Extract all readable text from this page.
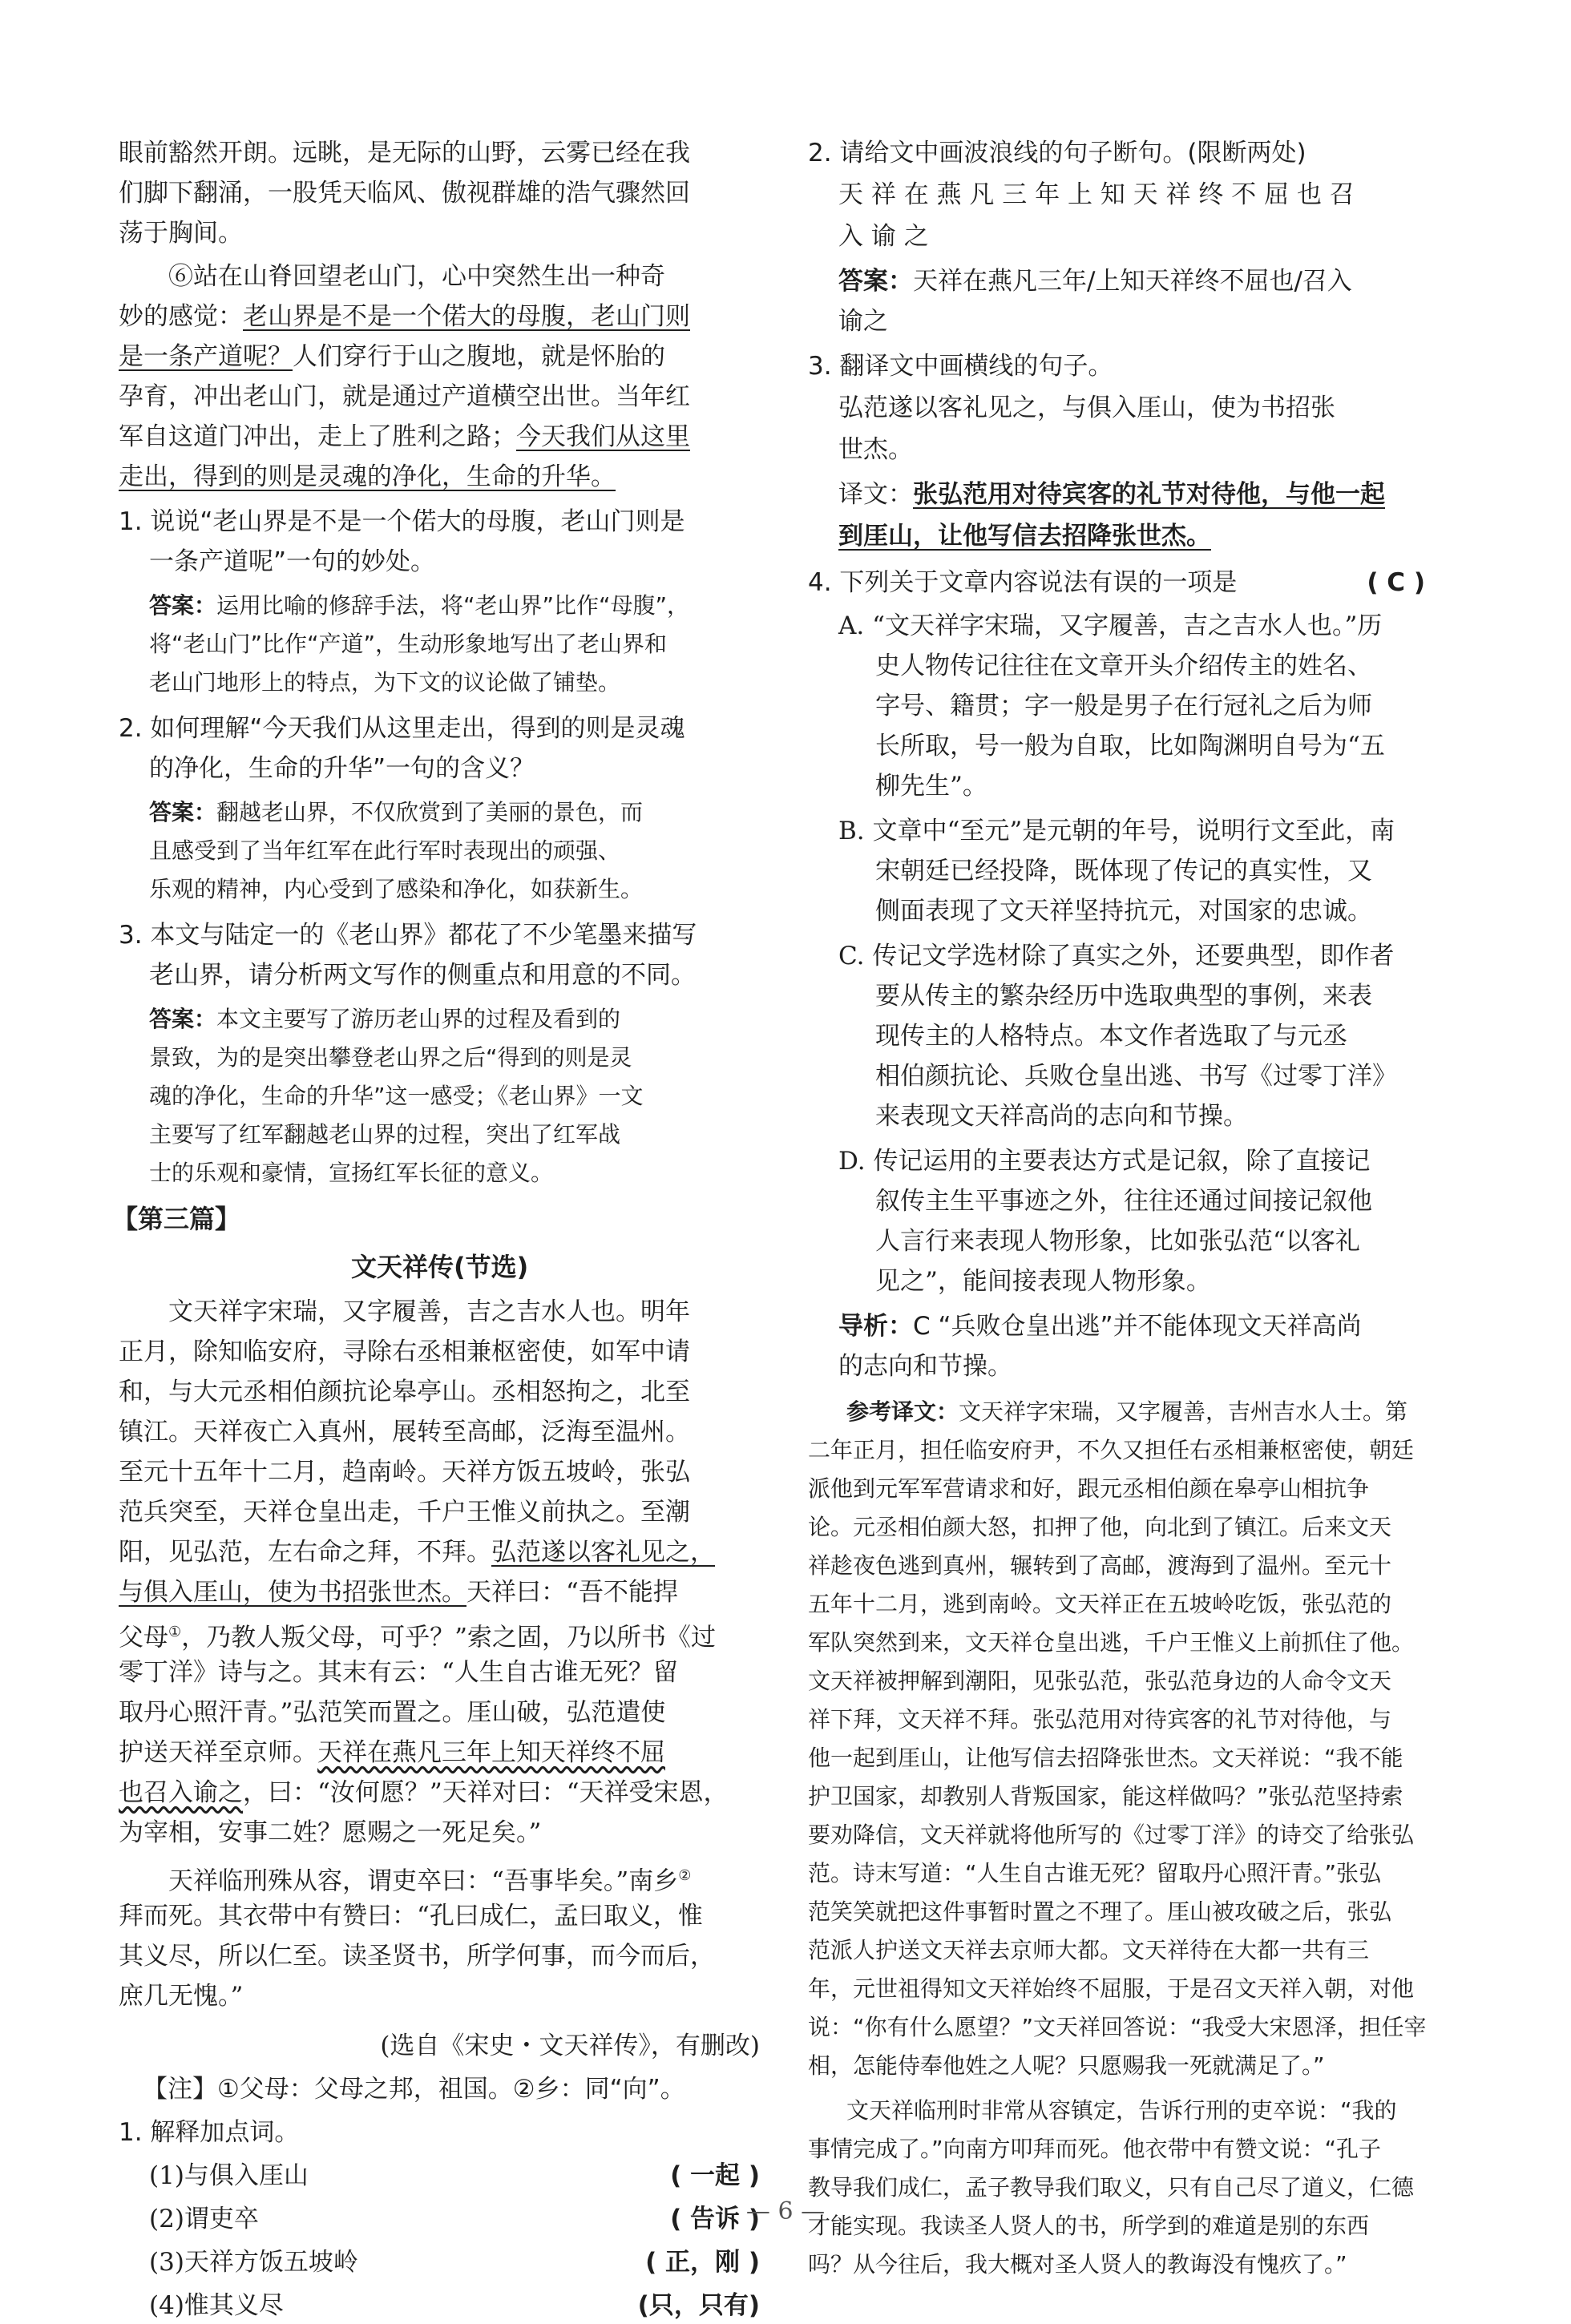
眼前豁然开朗。远眺，是无际的山野，云雾已经在我
们脚下翻涌，一股凭天临风、傲视群雄的浩气骤然回
荡于胸间。
⑥站在山脊回望老山门，心中突然生出一种奇
妙的感觉：老山界是不是一个偌大的母腹，老山门则
是一条产道呢？人们穿行于山之腹地，就是怀胎的
孕育，冲出老山门，就是通过产道横空出世。当年红
军自这道门冲出，走上了胜利之路；今天我们从这里
走出，得到的则是灵魂的净化，生命的升华。
1. 说说“老山界是不是一个偌大的母腹，老山门则是
一条产道呢”一句的妙处。
答案：运用比喻的修辞手法，将“老山界”比作“母腹”，
将“老山门”比作“产道”，生动形象地写出了老山界和
老山门地形上的特点，为下文的议论做了铺垫。
2. 如何理解“今天我们从这里走出，得到的则是灵魂
的净化，生命的升华”一句的含义？
答案：翻越老山界，不仅欣赏到了美丽的景色，而
且感受到了当年红军在此行军时表现出的顽强、
乐观的精神，内心受到了感染和净化，如获新生。
3. 本文与陆定一的《老山界》都花了不少笔墨来描写
老山界，请分析两文写作的侧重点和用意的不同。
答案：本文主要写了游历老山界的过程及看到的
景致，为的是突出攀登老山界之后“得到的则是灵
魂的净化，生命的升华”这一感受；《老山界》一文
主要写了红军翻越老山界的过程，突出了红军战
士的乐观和豪情，宣扬红军长征的意义。
【第三篇】
文天祥传(节选)
文天祥字宋瑞，又字履善，吉之吉水人也。明年
正月，除知临安府，寻除右丞相兼枢密使，如军中请
和，与大元丞相伯颜抗论皋亭山。丞相怒拘之，北至
镇江。天祥夜亡入真州，展转至高邮，泛海至温州。
至元十五年十二月，趋南岭。天祥方饭五坡岭，张弘
范兵突至，天祥仓皇出走，千户王惟义前执之。至潮
阳，见弘范，左右命之拜，不拜。弘范遂以客礼见之，
与俱入厓山，使为书招张世杰。天祥曰：“吾不能捍
父母①，乃教人叛父母，可乎？”索之固，乃以所书《过
零丁洋》诗与之。其末有云：“人生自古谁无死？留
取丹心照汗青。”弘范笑而置之。厓山破，弘范遣使
护送天祥至京师。天祥在燕凡三年上知天祥终不屈
也召入谕之，曰：“汝何愿？”天祥对曰：“天祥受宋恩，
为宰相，安事二姓？愿赐之一死足矣。”
天祥临刑殊从容，谓吏卒曰：“吾事毕矣。”南乡②
拜而死。其衣带中有赞曰：“孔曰成仁，孟曰取义，惟
其义尽，所以仁至。读圣贤书，所学何事，而今而后，
庶几无愧。”
(选自《宋史・文天祥传》，有删改)
【注】①父母：父母之邦，祖国。②乡：同“向”。
1. 解释加点词。
(1)与俱入厓山	( 一起 )
(2)谓吏卒	( 告诉 )
(3)天祥方饭五坡岭	( 正，刚 )
(4)惟其义尽	(只，只有)
2. 请给文中画波浪线的句子断句。(限断两处)
天 祥 在 燕 凡 三 年 上 知 天 祥 终 不 屈 也 召
入 谕 之
答案：天祥在燕凡三年/上知天祥终不屈也/召入
谕之
3. 翻译文中画横线的句子。
弘范遂以客礼见之，与俱入厓山，使为书招张
世杰。
译文：张弘范用对待宾客的礼节对待他，与他一起
到厓山，让他写信去招降张世杰。
4. 下列关于文章内容说法有误的一项是	( C )
A. “文天祥字宋瑞，又字履善，吉之吉水人也。”历
史人物传记往往在文章开头介绍传主的姓名、
字号、籍贯；字一般是男子在行冠礼之后为师
长所取，号一般为自取，比如陶渊明自号为“五
柳先生”。
B. 文章中“至元”是元朝的年号，说明行文至此，南
宋朝廷已经投降，既体现了传记的真实性，又
侧面表现了文天祥坚持抗元，对国家的忠诚。
C. 传记文学选材除了真实之外，还要典型，即作者
要从传主的繁杂经历中选取典型的事例，来表
现传主的人格特点。本文作者选取了与元丞
相伯颜抗论、兵败仓皇出逃、书写《过零丁洋》
来表现文天祥高尚的志向和节操。
D. 传记运用的主要表达方式是记叙，除了直接记
叙传主生平事迹之外，往往还通过间接记叙他
人言行来表现人物形象，比如张弘范“以客礼
见之”，能间接表现人物形象。
导析：C “兵败仓皇出逃”并不能体现文天祥高尚
的志向和节操。
参考译文：文天祥字宋瑞，又字履善，吉州吉水人士。第
二年正月，担任临安府尹，不久又担任右丞相兼枢密使，朝廷
派他到元军军营请求和好，跟元丞相伯颜在皋亭山相抗争
论。元丞相伯颜大怒，扣押了他，向北到了镇江。后来文天
祥趁夜色逃到真州，辗转到了高邮，渡海到了温州。至元十
五年十二月，逃到南岭。文天祥正在五坡岭吃饭，张弘范的
军队突然到来，文天祥仓皇出逃，千户王惟义上前抓住了他。
文天祥被押解到潮阳，见张弘范，张弘范身边的人命令文天
祥下拜，文天祥不拜。张弘范用对待宾客的礼节对待他，与
他一起到厓山，让他写信去招降张世杰。文天祥说：“我不能
护卫国家，却教别人背叛国家，能这样做吗？”张弘范坚持索
要劝降信，文天祥就将他所写的《过零丁洋》的诗交了给张弘
范。诗末写道：“人生自古谁无死？留取丹心照汗青。”张弘
范笑笑就把这件事暂时置之不理了。厓山被攻破之后，张弘
范派人护送文天祥去京师大都。文天祥待在大都一共有三
年，元世祖得知文天祥始终不屈服，于是召文天祥入朝，对他
说：“你有什么愿望？”文天祥回答说：“我受大宋恩泽，担任宰
相，怎能侍奉他姓之人呢？只愿赐我一死就满足了。”
文天祥临刑时非常从容镇定，告诉行刑的吏卒说：“我的
事情完成了。”向南方叩拜而死。他衣带中有赞文说：“孔子
教导我们成仁，孟子教导我们取义，只有自己尽了道义，仁德
才能实现。我读圣人贤人的书，所学到的难道是别的东西
吗？从今往后，我大概对圣人贤人的教诲没有愧疚了。”
— 6 —
